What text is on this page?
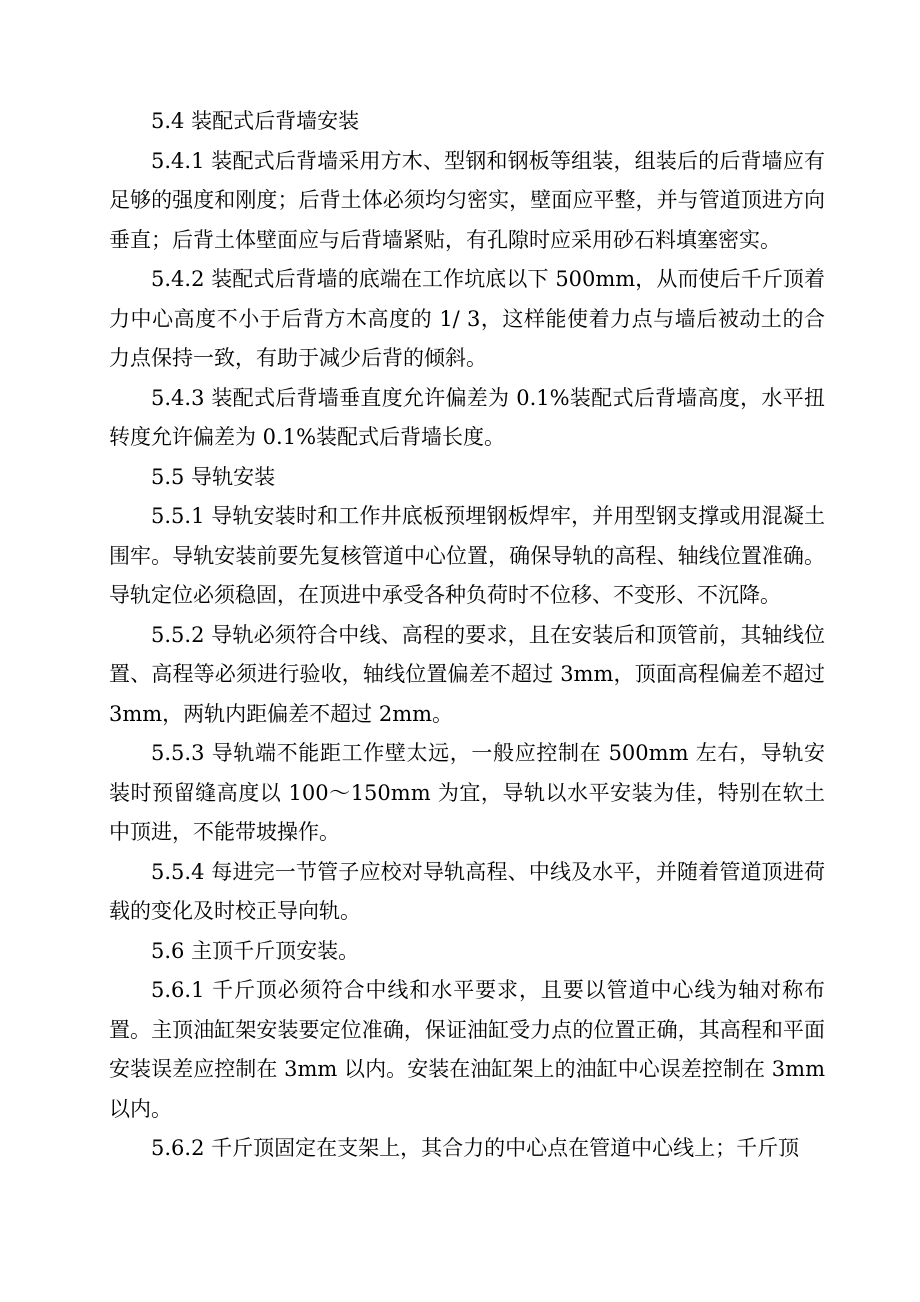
5.4 装配式后背墙安装

5.4.1 装配式后背墙采用方木、型钢和钢板等组装，组装后的后背墙应有足够的强度和刚度；后背土体必须均匀密实，壁面应平整，并与管道顶进方向垂直；后背土体壁面应与后背墙紧贴，有孔隙时应采用砂石料填塞密实。

5.4.2 装配式后背墙的底端在工作坑底以下 500mm，从而使后千斤顶着力中心高度不小于后背方木高度的 1/ 3，这样能使着力点与墙后被动土的合力点保持一致，有助于减少后背的倾斜。

5.4.3 装配式后背墙垂直度允许偏差为 0.1%装配式后背墙高度，水平扭转度允许偏差为 0.1%装配式后背墙长度。

5.5 导轨安装

5.5.1 导轨安装时和工作井底板预埋钢板焊牢，并用型钢支撑或用混凝土围牢。导轨安装前要先复核管道中心位置，确保导轨的高程、轴线位置准确。导轨定位必须稳固，在顶进中承受各种负荷时不位移、不变形、不沉降。

5.5.2 导轨必须符合中线、高程的要求，且在安装后和顶管前，其轴线位置、高程等必须进行验收，轴线位置偏差不超过 3mm，顶面高程偏差不超过 3mm，两轨内距偏差不超过 2mm。

5.5.3 导轨端不能距工作壁太远，一般应控制在 500mm 左右，导轨安装时预留缝高度以 100～150mm 为宜，导轨以水平安装为佳，特别在软土中顶进，不能带坡操作。

5.5.4 每进完一节管子应校对导轨高程、中线及水平，并随着管道顶进荷载的变化及时校正导向轨。

5.6 主顶千斤顶安装。

5.6.1 千斤顶必须符合中线和水平要求，且要以管道中心线为轴对称布置。主顶油缸架安装要定位准确，保证油缸受力点的位置正确，其高程和平面安装误差应控制在 3mm 以内。安装在油缸架上的油缸中心误差控制在 3mm 以内。

5.6.2 千斤顶固定在支架上，其合力的中心点在管道中心线上；千斤顶
